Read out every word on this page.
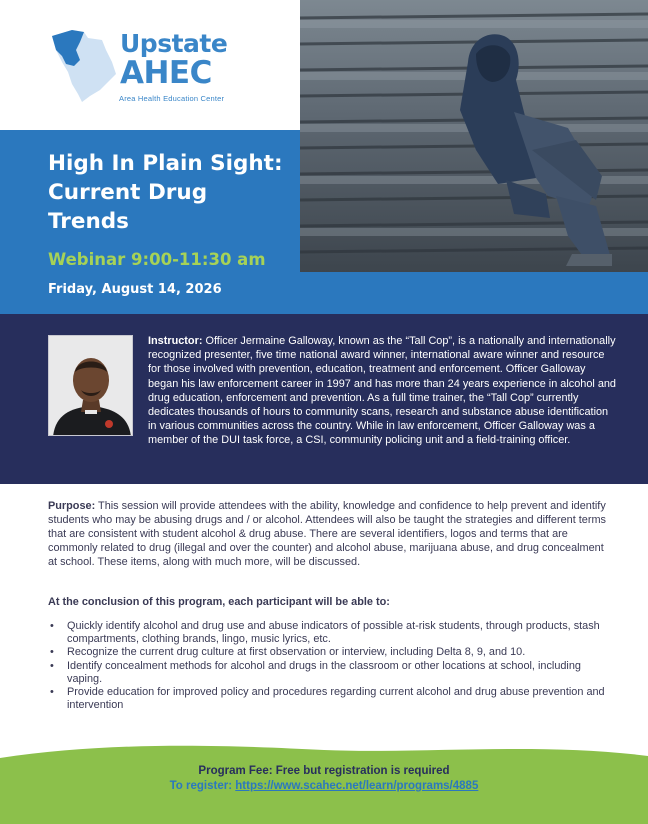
Upstate
AHEC
Area Health Education Center
High In Plain Sight: Current Drug Trends
Webinar 9:00-11:30 am
Friday, August 14, 2026

Instructor: Officer Jermaine Galloway, known as the “Tall Cop”, is a nationally and internationally recognized presenter, five time national award winner, international aware winner and resource for those involved with prevention, education, treatment and enforcement. Officer Galloway began his law enforcement career in 1997 and has more than 24 years experience in alcohol and drug education, enforcement and prevention. As a full time trainer, the “Tall Cop” currently dedicates thousands of hours to community scans, research and substance abuse identification in various communities across the country. While in law enforcement, Officer Galloway was a member of the DUI task force, a CSI, community policing unit and a field-training officer.

Purpose: This session will provide attendees with the ability, knowledge and confidence to help prevent and identify students who may be abusing drugs and / or alcohol. Attendees will also be taught the strategies and different terms that are consistent with student alcohol & drug abuse. There are several identifiers, logos and terms that are commonly related to drug (illegal and over the counter) and alcohol abuse, marijuana abuse, and drug concealment at school. These items, along with much more, will be discussed.

At the conclusion of this program, each participant will be able to:

• Quickly identify alcohol and drug use and abuse indicators of possible at-risk students, through products, stash compartments, clothing brands, lingo, music lyrics, etc.
• Recognize the current drug culture at first observation or interview, including Delta 8, 9, and 10.
• Identify concealment methods for alcohol and drugs in the classroom or other locations at school, including vaping.
• Provide education for improved policy and procedures regarding current alcohol and drug abuse prevention and intervention
Program Fee: Free but registration is required
To register: https://www.scahec.net/learn/programs/4885
